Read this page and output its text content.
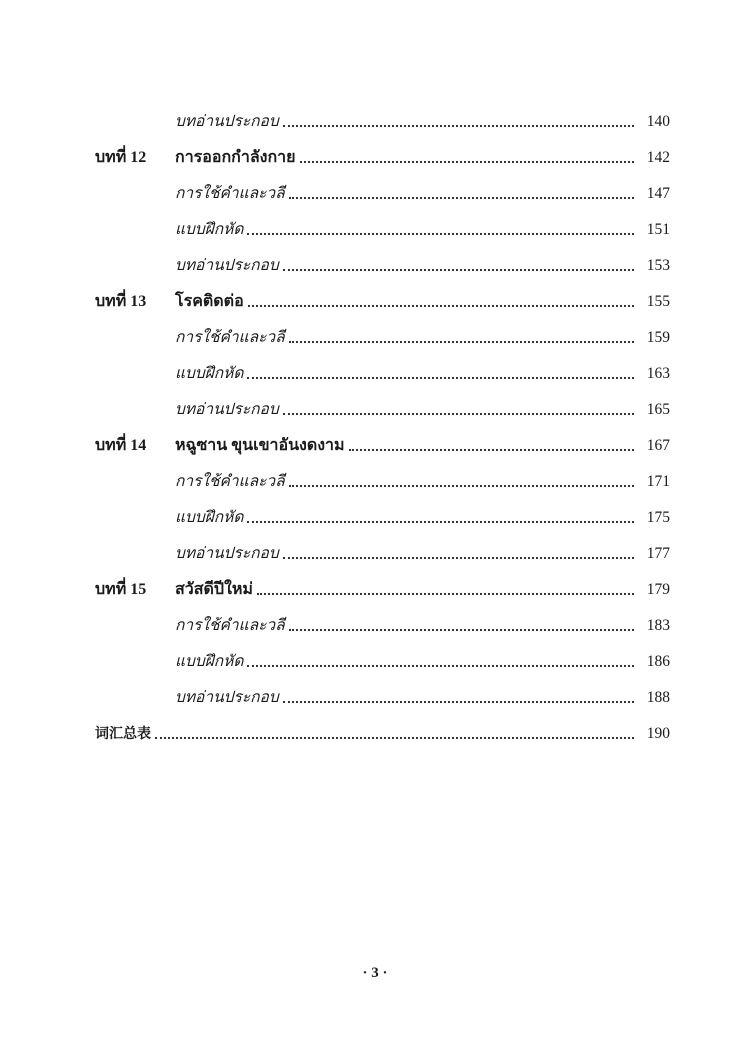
บทอ่านประกอบ	140
บทที่ 12	การออกกำลังกาย	142
การใช้คำและวลี	147
แบบฝึกหัด	151
บทอ่านประกอบ	153
บทที่ 13	โรคติดต่อ	155
การใช้คำและวลี	159
แบบฝึกหัด	163
บทอ่านประกอบ	165
บทที่ 14	หฉูซาน ขุนเขาอันงดงาม	167
การใช้คำและวลี	171
แบบฝึกหัด	175
บทอ่านประกอบ	177
บทที่ 15	สวัสดีปีใหม่	179
การใช้คำและวลี	183
แบบฝึกหัด	186
บทอ่านประกอบ	188
词汇总表	190
· 3 ·
